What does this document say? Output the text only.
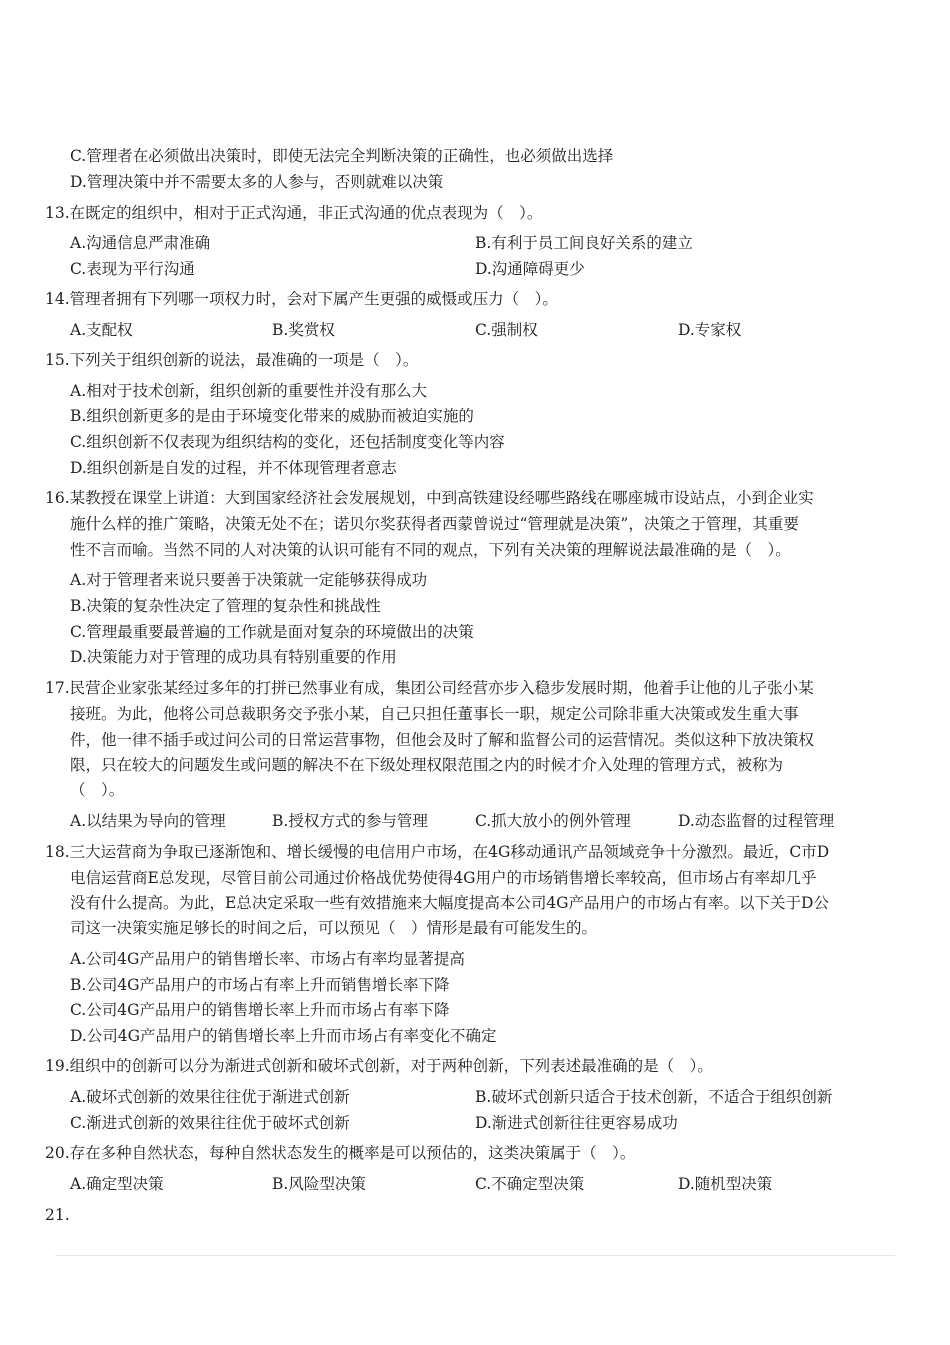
C.管理者在必须做出决策时，即使无法完全判断决策的正确性，也必须做出选择
D.管理决策中并不需要太多的人参与，否则就难以决策
13.在既定的组织中，相对于正式沟通，非正式沟通的优点表现为（　）。
A.沟通信息严肃准确	B.有利于员工间良好关系的建立
C.表现为平行沟通	D.沟通障碍更少
14.管理者拥有下列哪一项权力时，会对下属产生更强的威慑或压力（　）。
A.支配权	B.奖赏权	C.强制权	D.专家权
15.下列关于组织创新的说法，最准确的一项是（　）。
A.相对于技术创新，组织创新的重要性并没有那么大
B.组织创新更多的是由于环境变化带来的威胁而被迫实施的
C.组织创新不仅表现为组织结构的变化，还包括制度变化等内容
D.组织创新是自发的过程，并不体现管理者意志
16.某教授在课堂上讲道：大到国家经济社会发展规划，中到高铁建设经哪些路线在哪座城市设站点，小到企业实
施什么样的推广策略，决策无处不在；诺贝尔奖获得者西蒙曾说过“管理就是决策”，决策之于管理，其重要
性不言而喻。当然不同的人对决策的认识可能有不同的观点，下列有关决策的理解说法最准确的是（　）。
A.对于管理者来说只要善于决策就一定能够获得成功
B.决策的复杂性决定了管理的复杂性和挑战性
C.管理最重要最普遍的工作就是面对复杂的环境做出的决策
D.决策能力对于管理的成功具有特别重要的作用
17.民营企业家张某经过多年的打拼已然事业有成，集团公司经营亦步入稳步发展时期，他着手让他的儿子张小某
接班。为此，他将公司总裁职务交予张小某，自己只担任董事长一职，规定公司除非重大决策或发生重大事
件，他一律不插手或过问公司的日常运营事物，但他会及时了解和监督公司的运营情况。类似这种下放决策权
限，只在较大的问题发生或问题的解决不在下级处理权限范围之内的时候才介入处理的管理方式，被称为
（　）。
A.以结果为导向的管理	B.授权方式的参与管理	C.抓大放小的例外管理	D.动态监督的过程管理
18.三大运营商为争取已逐渐饱和、增长缓慢的电信用户市场，在4G移动通讯产品领域竞争十分激烈。最近，C市D
电信运营商E总发现，尽管目前公司通过价格战优势使得4G用户的市场销售增长率较高，但市场占有率却几乎
没有什么提高。为此，E总决定采取一些有效措施来大幅度提高本公司4G产品用户的市场占有率。以下关于D公
司这一决策实施足够长的时间之后，可以预见（　）情形是最有可能发生的。
A.公司4G产品用户的销售增长率、市场占有率均显著提高
B.公司4G产品用户的市场占有率上升而销售增长率下降
C.公司4G产品用户的销售增长率上升而市场占有率下降
D.公司4G产品用户的销售增长率上升而市场占有率变化不确定
19.组织中的创新可以分为渐进式创新和破坏式创新，对于两种创新，下列表述最准确的是（　）。
A.破坏式创新的效果往往优于渐进式创新	B.破坏式创新只适合于技术创新，不适合于组织创新
C.渐进式创新的效果往往优于破坏式创新	D.渐进式创新往往更容易成功
20.存在多种自然状态，每种自然状态发生的概率是可以预估的，这类决策属于（　）。
A.确定型决策	B.风险型决策	C.不确定型决策	D.随机型决策
21.
